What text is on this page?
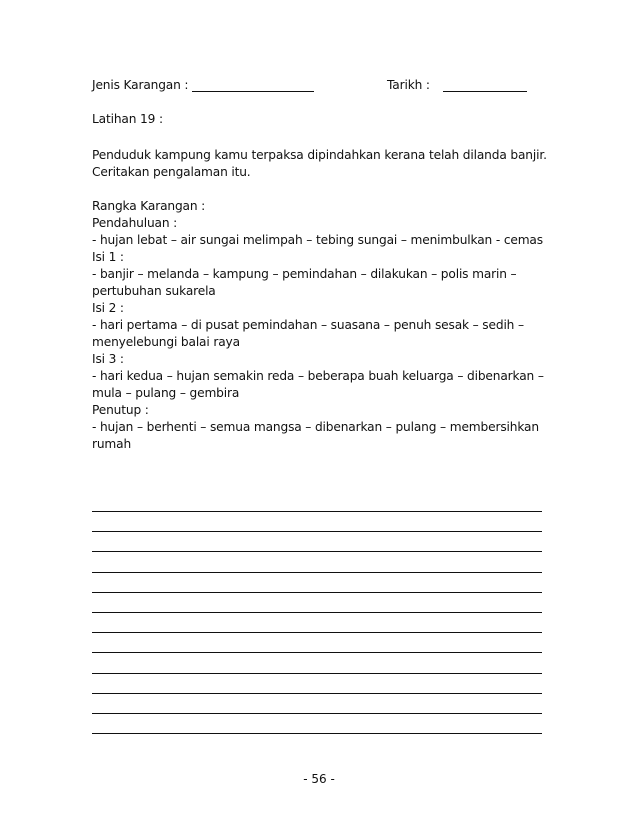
Jenis Karangan :	Tarikh :
Latihan 19 :
Penduduk kampung kamu terpaksa dipindahkan kerana telah dilanda banjir.
Ceritakan pengalaman itu.
Rangka Karangan :
Pendahuluan :
- hujan lebat – air sungai melimpah – tebing sungai – menimbulkan - cemas
Isi 1 :
- banjir – melanda – kampung – pemindahan – dilakukan – polis marin –
pertubuhan sukarela
Isi 2 :
- hari pertama – di pusat pemindahan – suasana – penuh sesak – sedih –
menyelebungi balai raya
Isi 3 :
- hari kedua – hujan semakin reda – beberapa buah keluarga – dibenarkan –
mula – pulang – gembira
Penutup :
- hujan – berhenti – semua mangsa – dibenarkan – pulang – membersihkan
rumah
- 56 -
